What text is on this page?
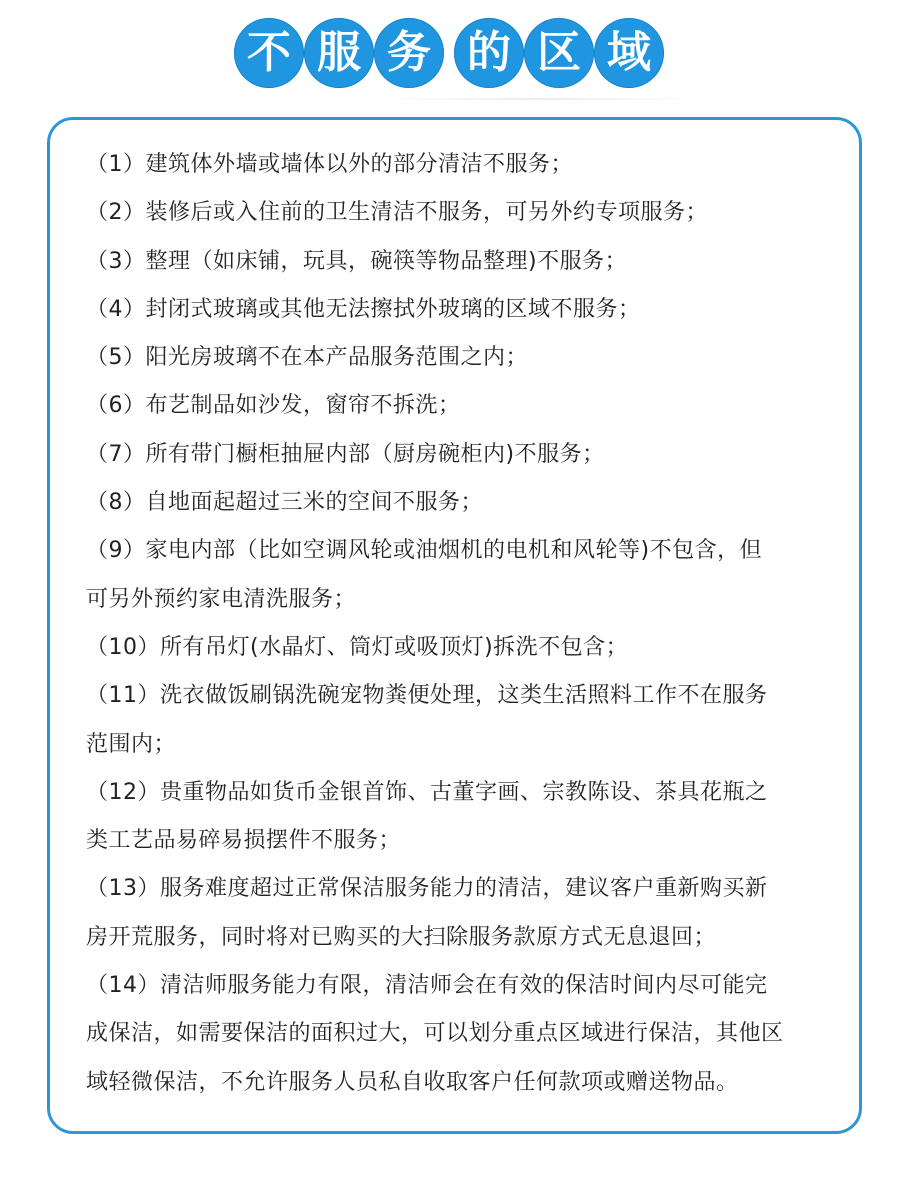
不 服 务 的 区 域
（1）建筑体外墙或墙体以外的部分清洁不服务；
（2）装修后或入住前的卫生清洁不服务，可另外约专项服务；
（3）整理（如床铺，玩具，碗筷等物品整理)不服务；
（4）封闭式玻璃或其他无法擦拭外玻璃的区域不服务；
（5）阳光房玻璃不在本产品服务范围之内；
（6）布艺制品如沙发，窗帘不拆洗；
（7）所有带门橱柜抽屉内部（厨房碗柜内)不服务；
（8）自地面起超过三米的空间不服务；
（9）家电内部（比如空调风轮或油烟机的电机和风轮等)不包含，但
可另外预约家电清洗服务；
（10）所有吊灯(水晶灯、筒灯或吸顶灯)拆洗不包含；
（11）洗衣做饭刷锅洗碗宠物粪便处理，这类生活照料工作不在服务
范围内；
（12）贵重物品如货币金银首饰、古董字画、宗教陈设、茶具花瓶之
类工艺品易碎易损摆件不服务；
（13）服务难度超过正常保洁服务能力的清洁，建议客户重新购买新
房开荒服务，同时将对已购买的大扫除服务款原方式无息退回；
（14）清洁师服务能力有限，清洁师会在有效的保洁时间内尽可能完
成保洁，如需要保洁的面积过大，可以划分重点区域进行保洁，其他区
域轻微保洁，不允许服务人员私自收取客户任何款项或赠送物品。
